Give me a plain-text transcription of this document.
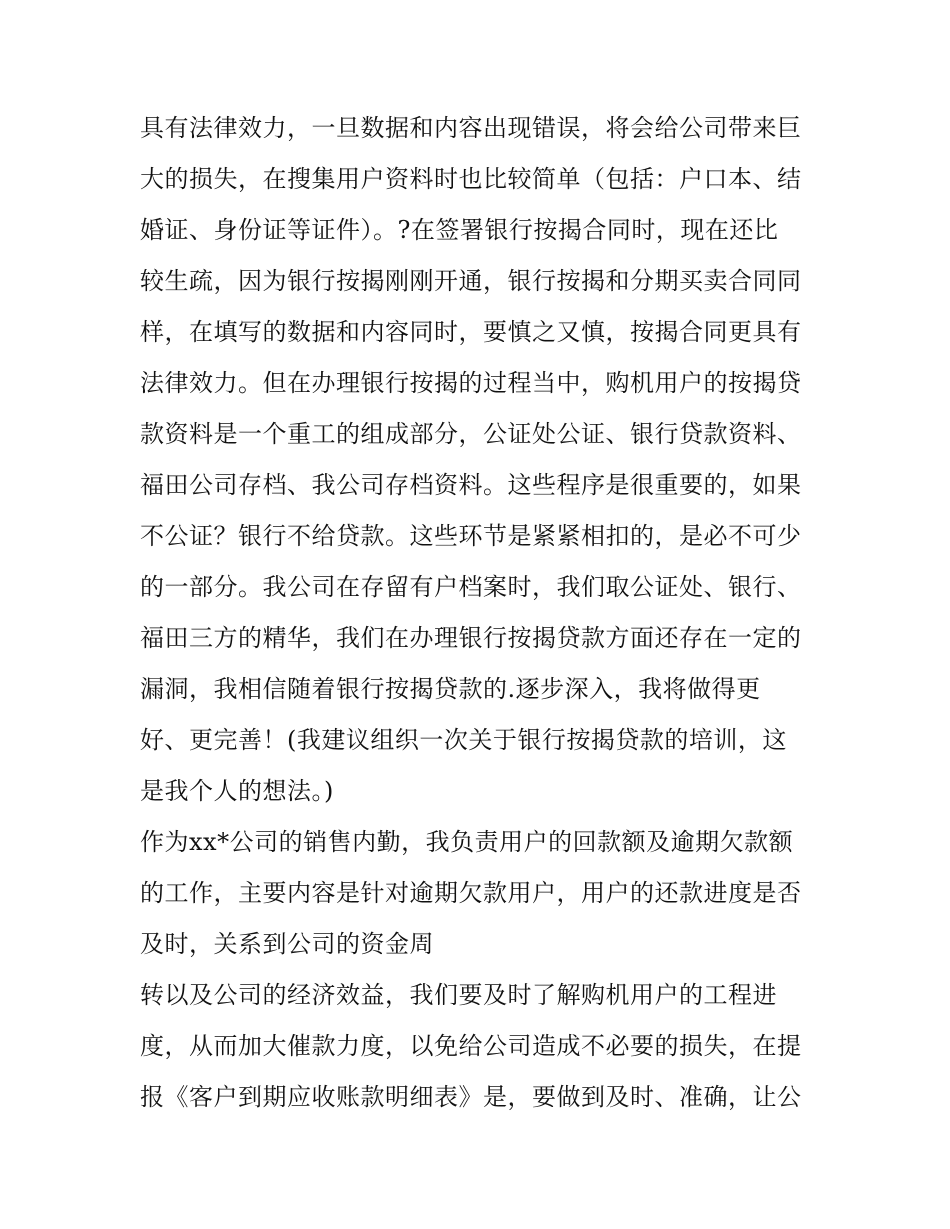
具有法律效力，一旦数据和内容出现错误，将会给公司带来巨
大的损失，在搜集用户资料时也比较简单（包括：户口本、结
婚证、身份证等证件）。?在签署银行按揭合同时，现在还比
较生疏，因为银行按揭刚刚开通，银行按揭和分期买卖合同同
样，在填写的数据和内容同时，要慎之又慎，按揭合同更具有
法律效力。但在办理银行按揭的过程当中，购机用户的按揭贷
款资料是一个重工的组成部分，公证处公证、银行贷款资料、
福田公司存档、我公司存档资料。这些程序是很重要的，如果
不公证？银行不给贷款。这些环节是紧紧相扣的，是必不可少
的一部分。我公司在存留有户档案时，我们取公证处、银行、
福田三方的精华，我们在办理银行按揭贷款方面还存在一定的
漏洞，我相信随着银行按揭贷款的.逐步深入，我将做得更
好、更完善！(我建议组织一次关于银行按揭贷款的培训，这
是我个人的想法。)
作为xx*公司的销售内勤，我负责用户的回款额及逾期欠款额
的工作，主要内容是针对逾期欠款用户，用户的还款进度是否
及时，关系到公司的资金周
转以及公司的经济效益，我们要及时了解购机用户的工程进
度，从而加大催款力度，以免给公司造成不必要的损失，在提
报《客户到期应收账款明细表》是，要做到及时、准确，让公
